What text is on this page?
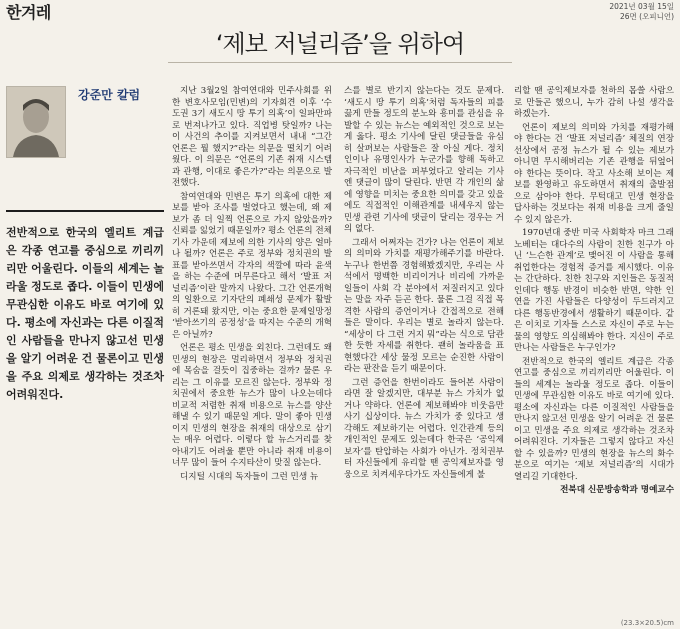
한겨레	2021년 03월 15일
26면 (오피니언)
‘제보 저널리즘’을 위하여
강준만 칼럼
전반적으로 한국의 엘리트 계급은 각종 연고를 중심으로 끼리끼리만 어울린다. 이들의 세계는 놀라울 정도로 좁다. 이들이 민생에 무관심한 이유도 바로 여기에 있다. 평소에 자신과는 다른 이질적인 사람들을 만나지 않고선 민생을 알기 어려운 건 물론이고 민생을 주요 의제로 생각하는 것조차 어려워진다.

지난 3월2일 참여연대와 민주사회를 위한 변호사모임(민변)의 기자회견 이후 ‘수도권 3기 새도시 땅 투기 의혹’이 일파만파로 번져나가고 있다. 직업병 탓일까? 나는 이 사건의 추이를 지켜보면서 내내 “그간 언론은 뭘 했지?”라는 의문을 떨치기 어려웠다. 이 의문은 “언론의 기존 취재 시스템과 관행, 이대로 좋은가?”라는 의문으로 발전했다.

참여연대와 민변은 투기 의혹에 대한 제보를 받아 조사를 벌였다고 했는데, 왜 제보가 좀 더 일찍 언론으로 가지 않았을까? 신뢰를 잃었기 때문일까? 평소 언론의 전체 기사 가운데 제보에 의한 기사의 양은 얼마나 될까? 언론은 주로 정부와 정치권의 발표를 받아쓰면서 각자의 색깔에 따라 윤색을 하는 수준에 머무른다고 해서 ‘발표 저널리즘’이란 말까지 나왔다. 그간 언론개혁의 일환으로 기자단의 폐쇄성 문제가 활발히 거론돼 왔지만, 이는 중요한 문제일망정 ‘받아쓰기의 공정성’을 따지는 수준의 개혁은 아닐까?

언론은 평소 민생을 외친다. 그런데도 왜 민생의 현장은 멀리하면서 정부와 정치권에 목숨을 걸듯이 집중하는 걸까? 물론 우리는 그 이유를 모르진 않는다. 정부와 정치권에서 중요한 뉴스가 많이 나오는데다 비교적 저렴한 취재 비용으로 뉴스를 양산해낼 수 있기 때문일 게다. 말이 좋아 민생이지 민생의 현장을 취재의 대상으로 삼기는 매우 어렵다. 이렇다 할 뉴스거리를 찾아내기도 어려울 뿐만 아니라 취재 비용이 너무 많이 들어 수지타산이 맞질 않는다.

디지털 시대의 독자들이 그런 민생 뉴

스를 별로 반기지 않는다는 것도 문제다. ‘새도시 땅 투기 의혹’처럼 독자들의 피를 끓게 만들 정도의 분노와 흥미를 관심을 유발할 수 있는 뉴스는 예외적인 것으로 보는 게 옳다. 평소 기사에 달린 댓글들을 유심히 살펴보는 사람들은 잘 아실 게다. 정치인이나 유명인사가 누군가를 향해 독하고 자극적인 비난을 퍼부었다고 알리는 기사엔 댓글이 많이 달린다. 반면 각 개인의 삶에 영향을 미치는 중요한 의미를 갖고 있을에도 직접적인 이해관계를 내세우지 않는 민생 관련 기사에 댓글이 달리는 경우는 거의 없다.

그래서 어쩌자는 건가? 나는 언론이 제보의 의미와 가치를 재평가해주기를 바란다. 누구나 한번쯤 경험해봤겠지만, 우리는 사석에서 명백한 비리이거나 비리에 가까운 일들이 사회 각 분야에서 저질러지고 있다는 말을 자주 듣곤 한다. 물론 그걸 직접 목격한 사람의 증언이거나 간접적으로 전해 들은 말이다. 우리는 별로 놀라지 않는다. “세상이 다 그런 거지 뭐”라는 식으로 담관한 듯한 자세를 취한다. 괜히 놀라움을 표현했다간 세상 물정 모르는 순진한 사람이라는 판잔을 듣기 때문이다.

그런 증언을 한번이라도 들어본 사람이라면 잘 알겠지만, 대부분 뉴스 가치가 없거나 약하다. 언론에 제보해봐야 비웃음만 사기 십상이다. 뉴스 가치가 중 있다고 생각해도 제보하기는 어렵다. 인간관계 등의 개인적인 문제도 있는데다 한국은 ‘공익제보자’를 탄압하는 사회가 아닌가. 정치권부터 자신들에게 유리할 땐 공익제보자를 영웅으로 치켜세우다가도 자신들에게 불

리할 땐 공익제보자를 천하의 몹쓸 사람으로 만들곤 했으니, 누가 감히 나설 생각을 하겠는가.

언론이 제보의 의미와 가치를 재평가해야 한다는 건 ‘발표 저널리즘’ 체질의 연장선상에서 공정 뉴스가 될 수 있는 제보가 아니면 무시해버리는 기존 관행을 뒤엎어야 한다는 뜻이다. 작고 사소해 보이는 제보를 환영하고 유도하면서 취재의 출발점으로 삼아야 한다. 무턱대고 민생 현장을 답사하는 것보다는 취재 비용을 크게 줄일 수 있지 않은가.

1970년대 중반 미국 사회학자 마크 그래노베터는 대다수의 사람이 친한 친구가 아닌 ‘느슨한 관계’로 맺어진 이 사람을 통해 취업한다는 경험적 증거를 제시했다. 이유는 간단하다. 친한 친구와 지인들은 동질적인데다 행동 반경이 비슷한 반면, 약한 인연을 가진 사람들은 다양성이 두드러지고 다른 행동반경에서 생활하기 때문이다. 같은 이치로 기자들 스스로 자신이 주로 누는 물의 영향도 의심해봐야 한다. 지신이 주로 만나는 사람들은 누구인가?

전반적으로 한국의 엘리트 계급은 각종 연고를 중심으로 끼리끼리만 어울린다. 이들의 세계는 놀라울 정도로 좁다. 이들이 민생에 무관심한 이유도 바로 여기에 있다. 평소에 자신과는 다른 이질적인 사람들을 만나지 않고선 민생을 알기 어려운 건 물론이고 민생을 주요 의제로 생각하는 것조차 어려워진다. 기자들은 그렇지 않다고 자신할 수 있을까? 민생의 현장을 뉴스의 화수분으로 여기는 ‘제보 저널리즘’의 시대가 열리길 기대한다.

전북대 신문방송학과 명예교수
(23.3×20.5)cm
